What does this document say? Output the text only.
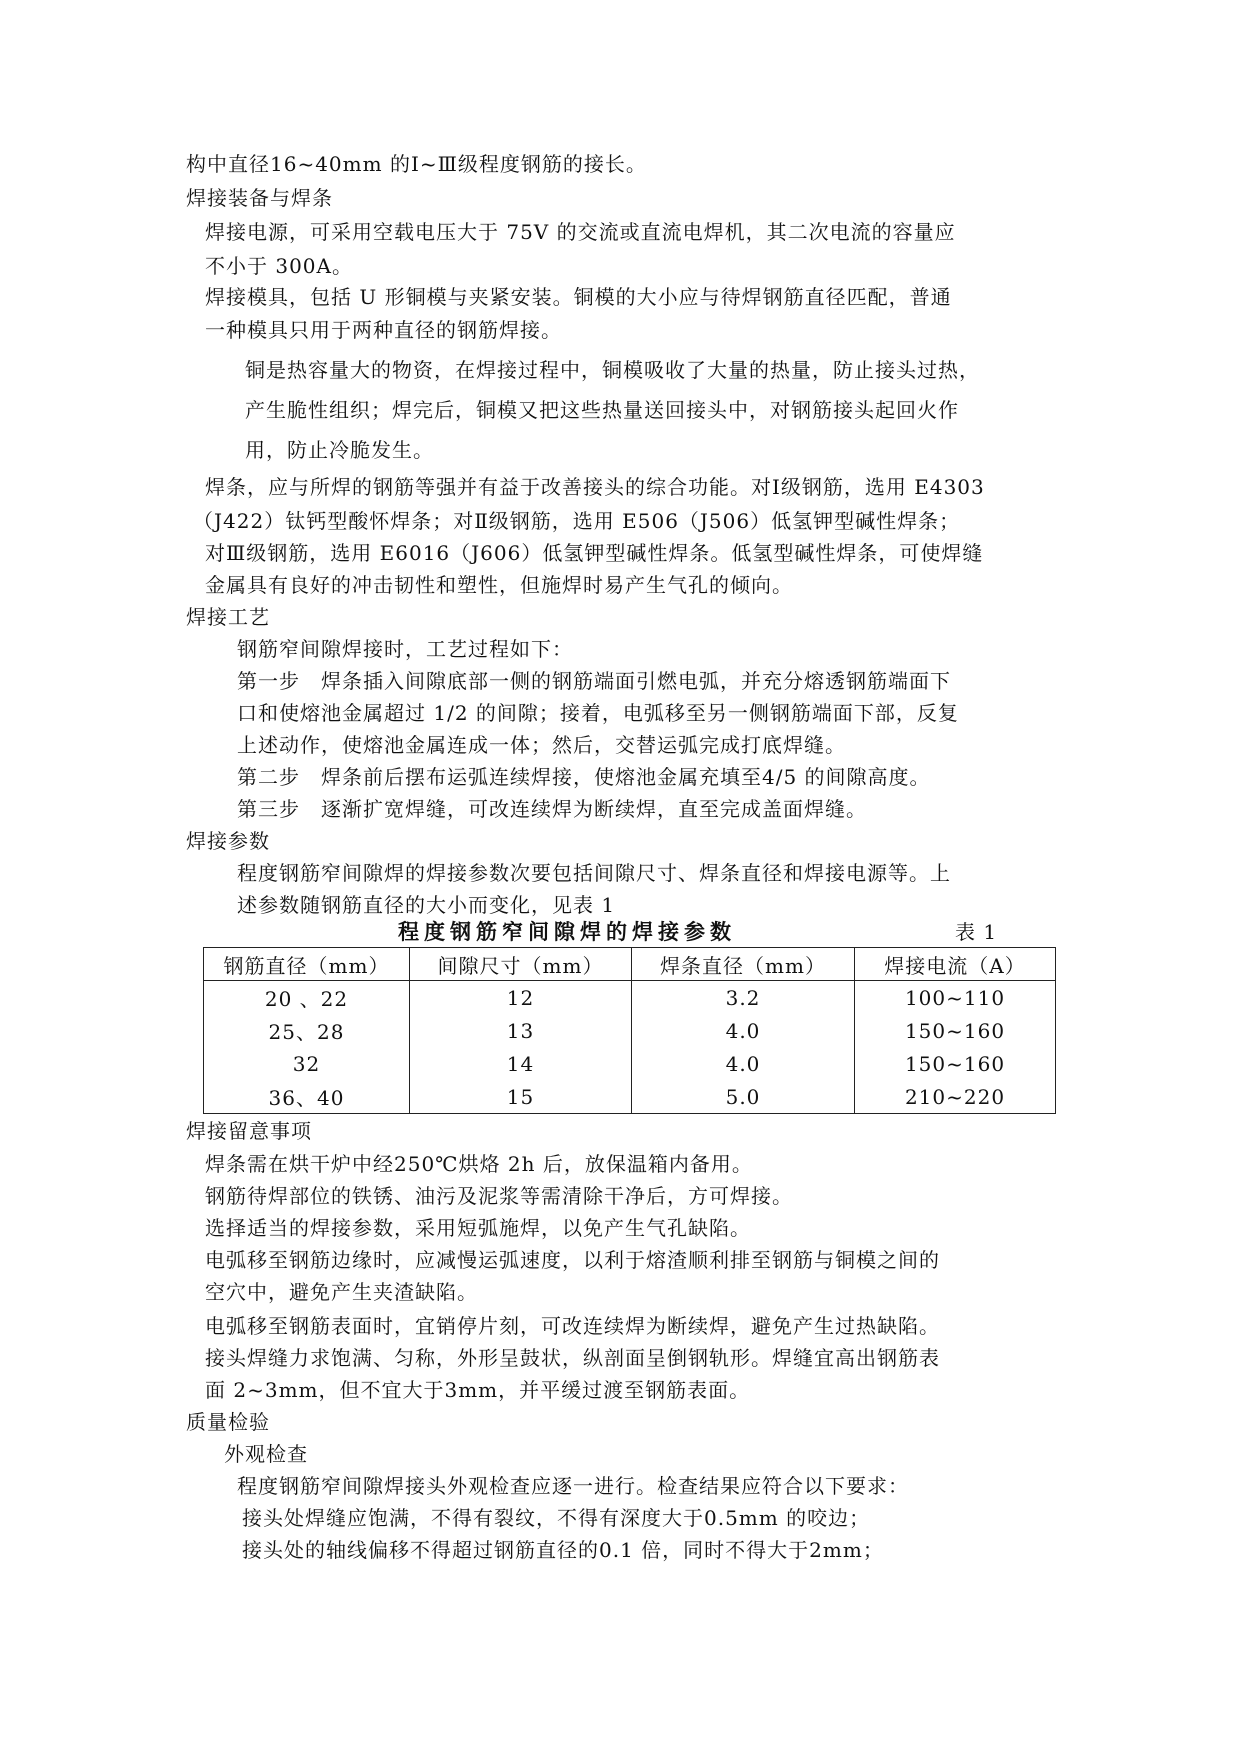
构中直径16~40mm 的Ⅰ~Ⅲ级程度钢筋的接长。
焊接装备与焊条
焊接电源，可采用空载电压大于 75V 的交流或直流电焊机，其二次电流的容量应
不小于 300A。
焊接模具，包括 U 形铜模与夹紧安装。铜模的大小应与待焊钢筋直径匹配，普通
一种模具只用于两种直径的钢筋焊接。
铜是热容量大的物资，在焊接过程中，铜模吸收了大量的热量，防止接头过热，
产生脆性组织；焊完后，铜模又把这些热量送回接头中，对钢筋接头起回火作
用，防止冷脆发生。
焊条，应与所焊的钢筋等强并有益于改善接头的综合功能。对Ⅰ级钢筋，选用 E4303
（J422）钛钙型酸怀焊条；对Ⅱ级钢筋，选用 E506（J506）低氢钾型碱性焊条；
对Ⅲ级钢筋，选用 E6016（J606）低氢钾型碱性焊条。低氢型碱性焊条，可使焊缝
金属具有良好的冲击韧性和塑性，但施焊时易产生气孔的倾向。
焊接工艺
钢筋窄间隙焊接时，工艺过程如下：
第一步　焊条插入间隙底部一侧的钢筋端面引燃电弧，并充分熔透钢筋端面下
口和使熔池金属超过 1/2 的间隙；接着，电弧移至另一侧钢筋端面下部，反复
上述动作，使熔池金属连成一体；然后，交替运弧完成打底焊缝。
第二步　焊条前后摆布运弧连续焊接，使熔池金属充填至4/5 的间隙高度。
第三步　逐渐扩宽焊缝，可改连续焊为断续焊，直至完成盖面焊缝。
焊接参数
程度钢筋窄间隙焊的焊接参数次要包括间隙尺寸、焊条直径和焊接电源等。上
述参数随钢筋直径的大小而变化，见表 1
程度钢筋窄间隙焊的焊接参数	表 1
钢筋直径（mm）	间隙尺寸（mm）	焊条直径（mm）	焊接电流（A）
20 、22	12	3.2	100~110
25、28	13	4.0	150~160
32	14	4.0	150~160
36、40	15	5.0	210~220
焊接留意事项
焊条需在烘干炉中经250℃烘烙 2h 后，放保温箱内备用。
钢筋待焊部位的铁锈、油污及泥浆等需清除干净后，方可焊接。
选择适当的焊接参数，采用短弧施焊，以免产生气孔缺陷。
电弧移至钢筋边缘时，应减慢运弧速度，以利于熔渣顺利排至钢筋与铜模之间的
空穴中，避免产生夹渣缺陷。
电弧移至钢筋表面时，宜销停片刻，可改连续焊为断续焊，避免产生过热缺陷。
接头焊缝力求饱满、匀称，外形呈鼓状，纵剖面呈倒钢轨形。焊缝宜高出钢筋表
面 2~3mm，但不宜大于3mm，并平缓过渡至钢筋表面。
质量检验
外观检查
程度钢筋窄间隙焊接头外观检查应逐一进行。检查结果应符合以下要求：
接头处焊缝应饱满，不得有裂纹，不得有深度大于0.5mm 的咬边；
接头处的轴线偏移不得超过钢筋直径的0.1 倍，同时不得大于2mm；
